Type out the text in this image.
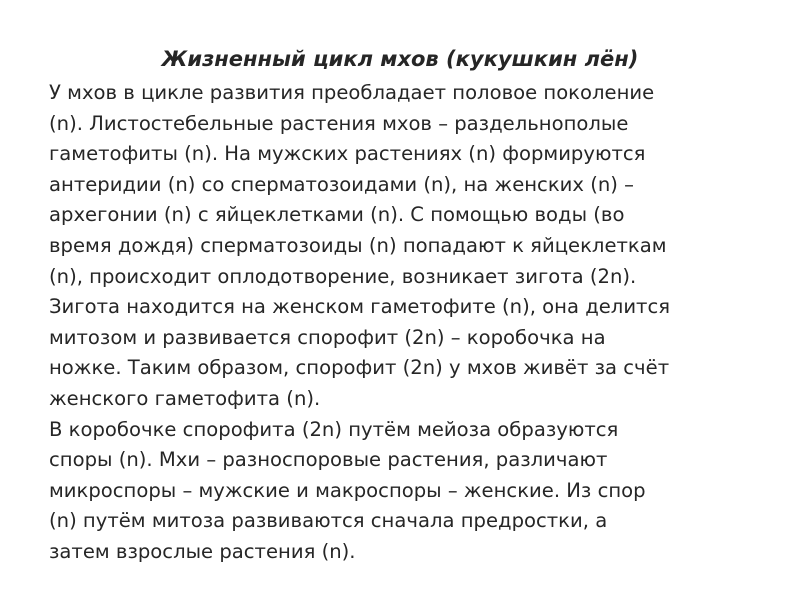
Жизненный цикл мхов (кукушкин лён)
У мхов в цикле развития преобладает половое поколение
(n). Листостебельные растения мхов – раздельнополые
гаметофиты (n). На мужских растениях (n) формируются
антеридии (n) со сперматозоидами (n), на женских (n) –
архегонии (n) с яйцеклетками (n). С помощью воды (во
время дождя) сперматозоиды (n) попадают к яйцеклеткам
(n), происходит оплодотворение, возникает зигота (2n).
Зигота находится на женском гаметофите (n), она делится
митозом и развивается спорофит (2n) – коробочка на
ножке. Таким образом, спорофит (2n) у мхов живёт за счёт
женского гаметофита (n).
В коробочке спорофита (2n) путём мейоза образуются
споры (n). Мхи – разноспоровые растения, различают
микроспоры – мужские и макроспоры – женские. Из спор
(n) путём митоза развиваются сначала предростки, а
затем взрослые растения (n).
